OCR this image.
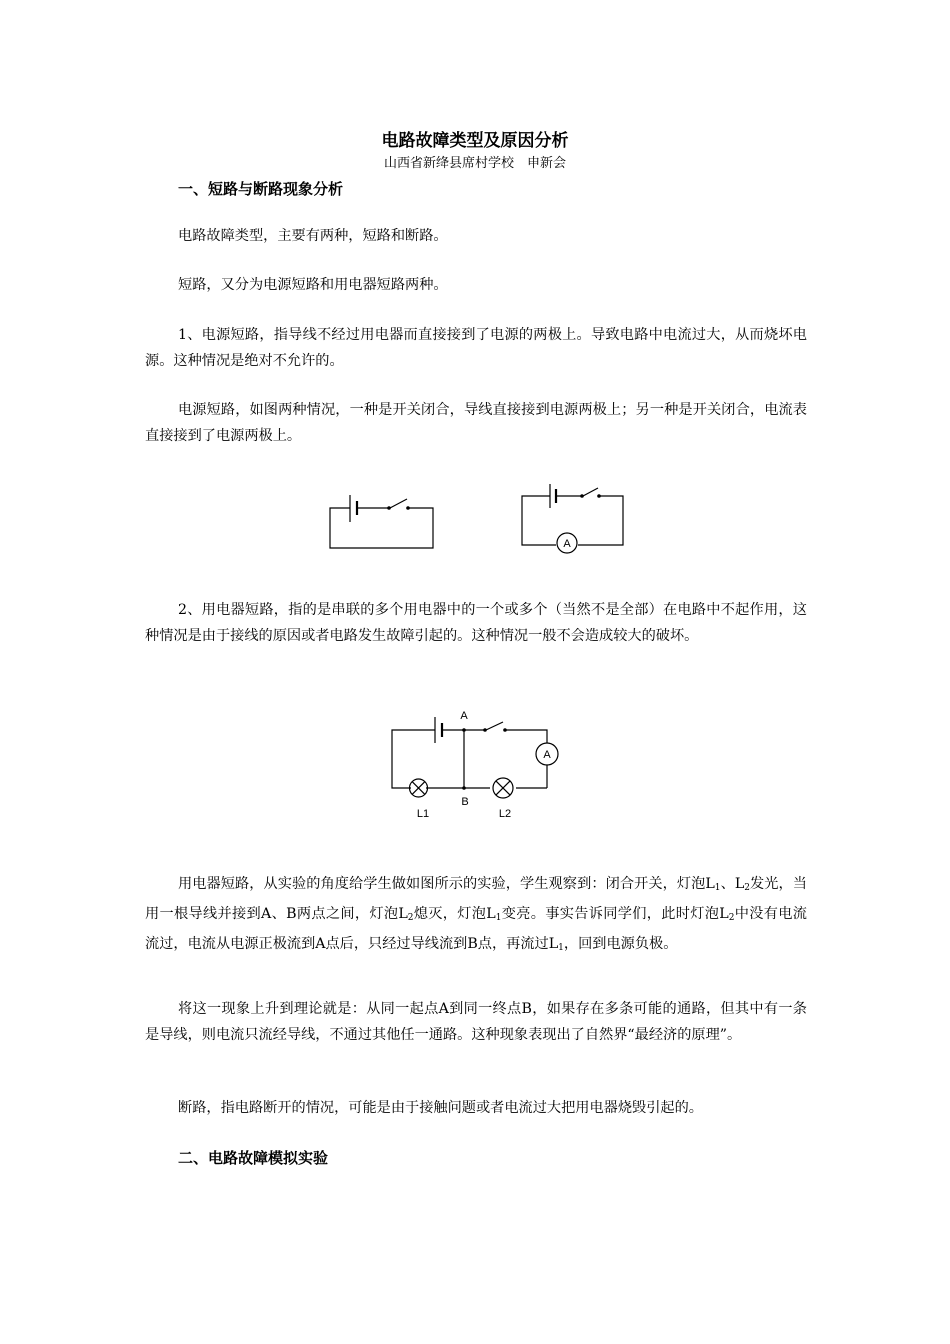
电路故障类型及原因分析
山西省新绛县席村学校　申新会
一、短路与断路现象分析
电路故障类型，主要有两种，短路和断路。
短路，又分为电源短路和用电器短路两种。
1、电源短路，指导线不经过用电器而直接接到了电源的两极上。导致电路中电流过大，从而烧坏电源。这种情况是绝对不允许的。
电源短路，如图两种情况，一种是开关闭合，导线直接接到电源两极上；另一种是开关闭合，电流表直接接到了电源两极上。
A
2、用电器短路，指的是串联的多个用电器中的一个或多个（当然不是全部）在电路中不起作用，这种情况是由于接线的原因或者电路发生故障引起的。这种情况一般不会造成较大的破坏。
A
B
L1	L2
A
用电器短路，从实验的角度给学生做如图所示的实验，学生观察到：闭合开关，灯泡$L_1$、$L_2$发光，当用一根导线并接到A、B两点之间，灯泡$L_2$熄灭，灯泡$L_1$变亮。事实告诉同学们，此时灯泡$L_2$中没有电流流过，电流从电源正极流到A点后，只经过导线流到B点，再流过$L_1$，回到电源负极。
将这一现象上升到理论就是：从同一起点A到同一终点B，如果存在多条可能的通路，但其中有一条是导线，则电流只流经导线，不通过其他任一通路。这种现象表现出了自然界“最经济的原理”。
断路，指电路断开的情况，可能是由于接触问题或者电流过大把用电器烧毁引起的。
二、电路故障模拟实验
